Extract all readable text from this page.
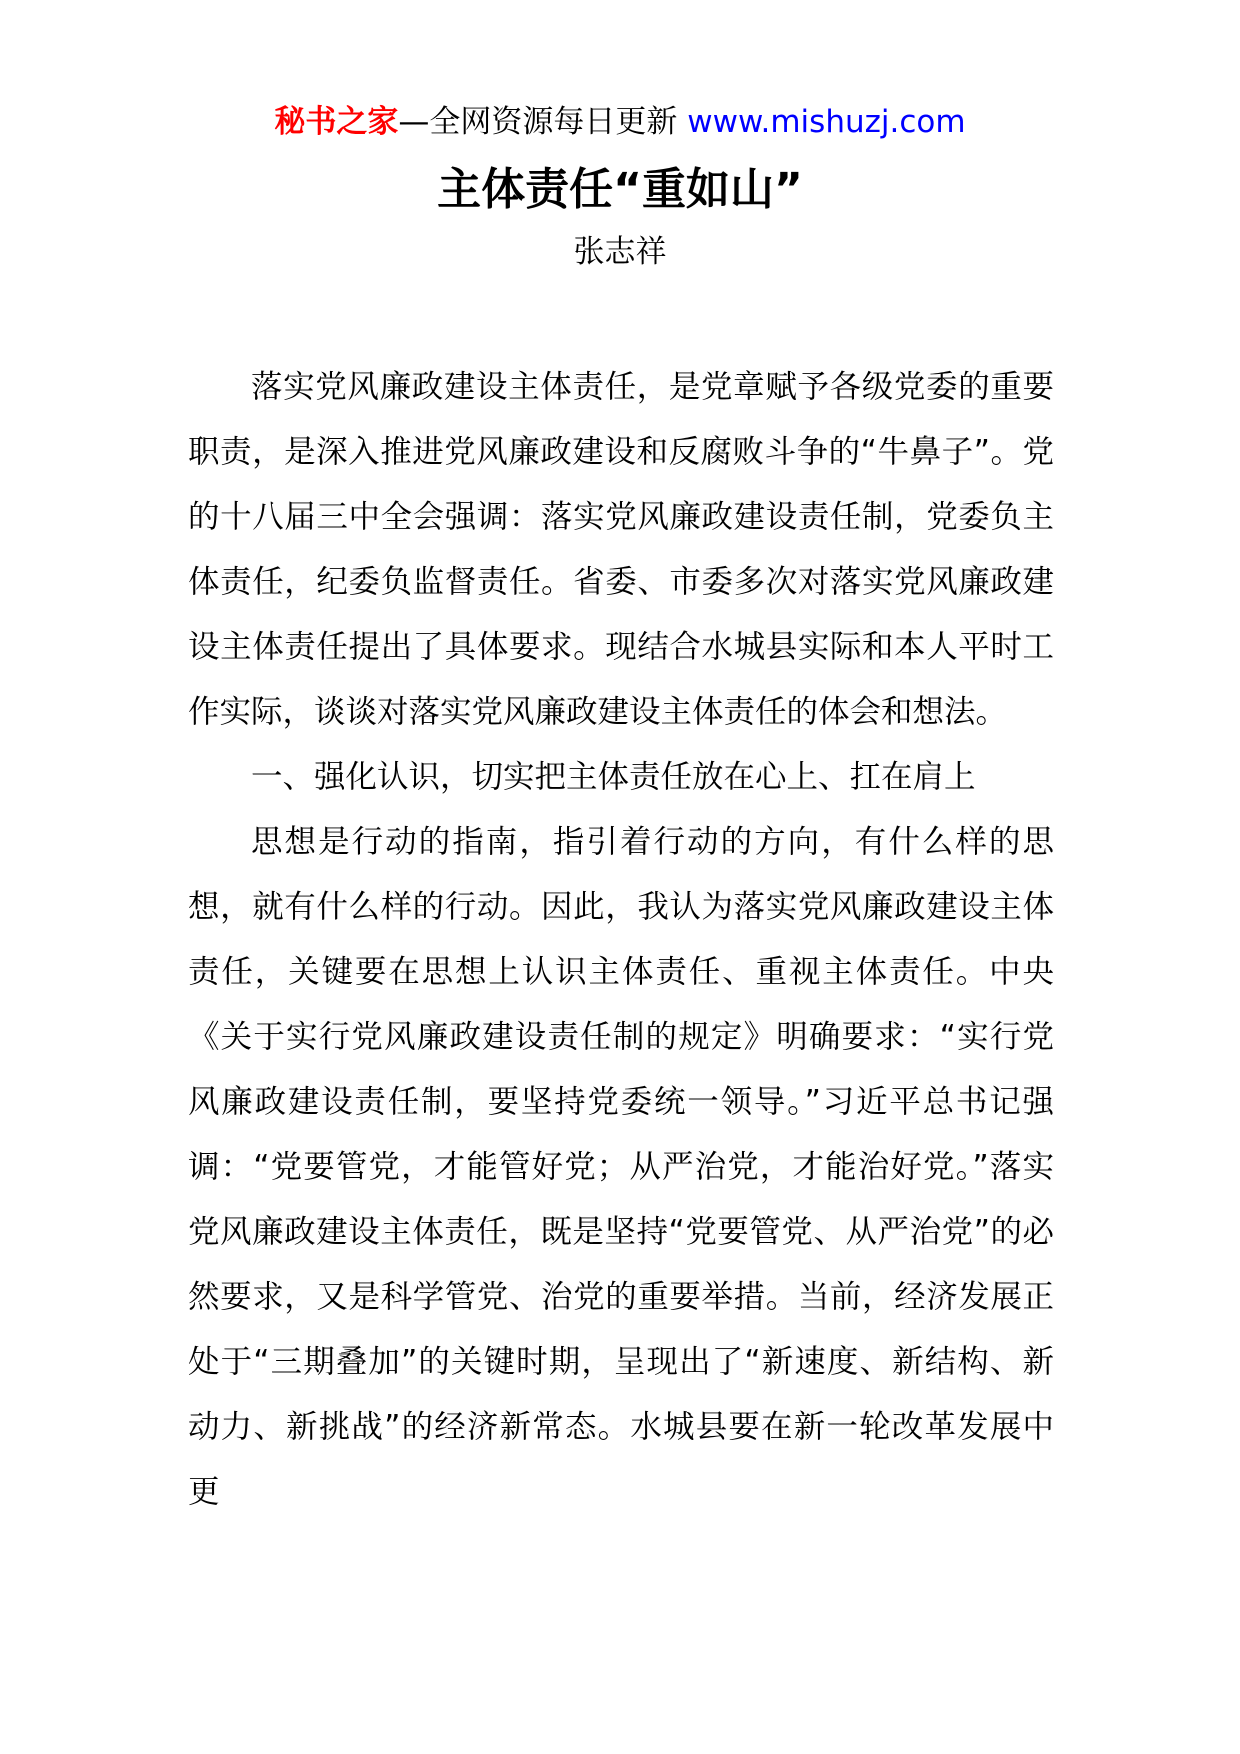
秘书之家—全网资源每日更新 www.mishuzj.com
主体责任“重如山”
张志祥

落实党风廉政建设主体责任，是党章赋予各级党委的重要职责，是深入推进党风廉政建设和反腐败斗争的“牛鼻子”。党的十八届三中全会强调：落实党风廉政建设责任制，党委负主体责任，纪委负监督责任。省委、市委多次对落实党风廉政建设主体责任提出了具体要求。现结合水城县实际和本人平时工作实际，谈谈对落实党风廉政建设主体责任的体会和想法。

一、强化认识，切实把主体责任放在心上、扛在肩上

思想是行动的指南，指引着行动的方向，有什么样的思想，就有什么样的行动。因此，我认为落实党风廉政建设主体责任，关键要在思想上认识主体责任、重视主体责任。中央《关于实行党风廉政建设责任制的规定》明确要求：“实行党风廉政建设责任制，要坚持党委统一领导。”习近平总书记强调：“党要管党，才能管好党；从严治党，才能治好党。”落实党风廉政建设主体责任，既是坚持“党要管党、从严治党”的必然要求，又是科学管党、治党的重要举措。当前，经济发展正处于“三期叠加”的关键时期，呈现出了“新速度、新结构、新动力、新挑战”的经济新常态。水城县要在新一轮改革发展中更
